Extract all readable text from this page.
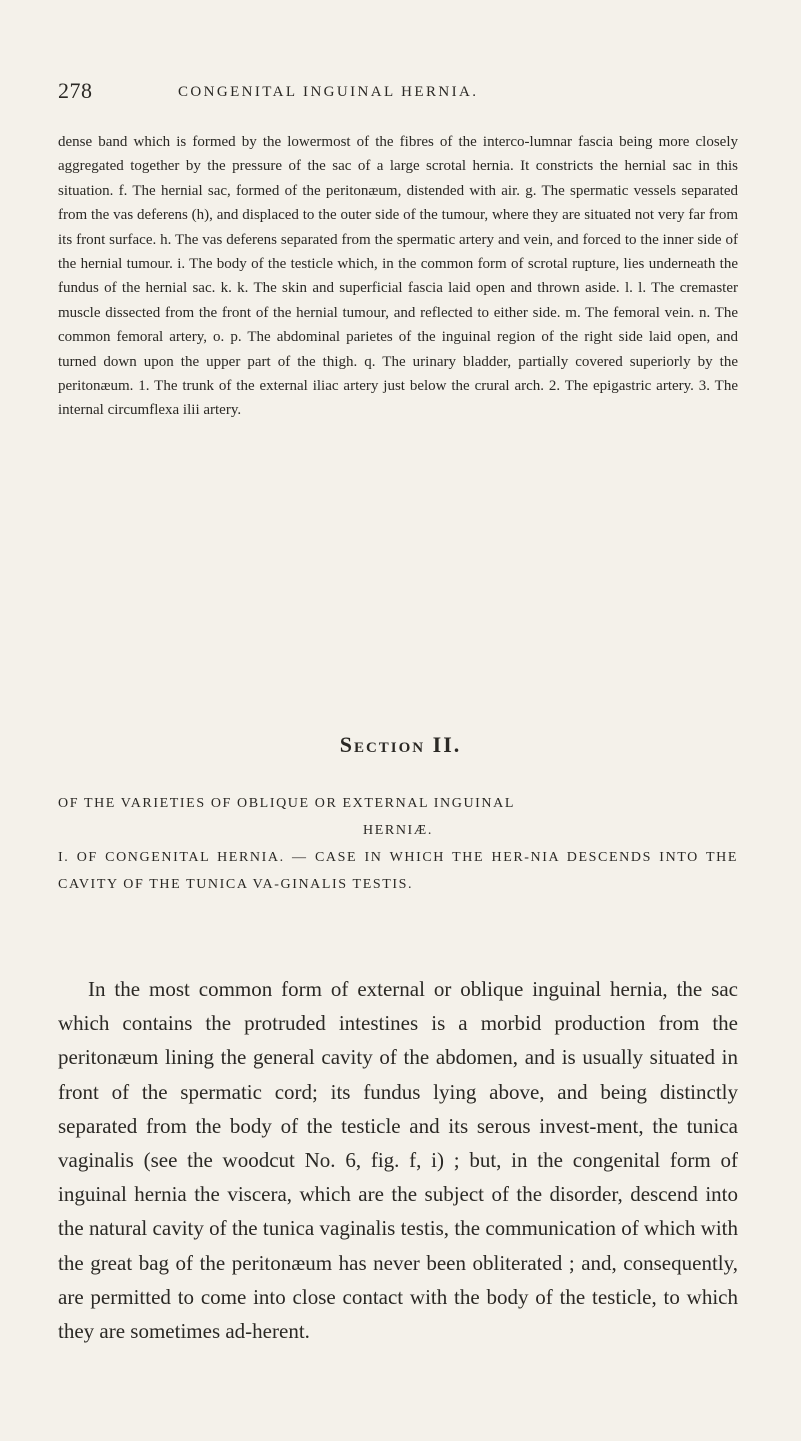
278	CONGENITAL INGUINAL HERNIA.

dense band which is formed by the lowermost of the fibres of the interco-lumnar fascia being more closely aggregated together by the pressure of the sac of a large scrotal hernia. It constricts the hernial sac in this situation. f. The hernial sac, formed of the peritonæum, distended with air. g. The spermatic vessels separated from the vas deferens (h), and displaced to the outer side of the tumour, where they are situated not very far from its front surface. h. The vas deferens separated from the spermatic artery and vein, and forced to the inner side of the hernial tumour. i. The body of the testicle which, in the common form of scrotal rupture, lies underneath the fundus of the hernial sac. k. k. The skin and superficial fascia laid open and thrown aside. l. l. The cremaster muscle dissected from the front of the hernial tumour, and reflected to either side. m. The femoral vein. n. The common femoral artery, o. p. The abdominal parietes of the inguinal region of the right side laid open, and turned down upon the upper part of the thigh. q. The urinary bladder, partially covered superiorly by the peritonæum. 1. The trunk of the external iliac artery just below the crural arch. 2. The epigastric artery. 3. The internal circumflexa ilii artery.

Section II.

OF THE VARIETIES OF OBLIQUE OR EXTERNAL INGUINAL
HERNIÆ.
I. OF CONGENITAL HERNIA. — CASE IN WHICH THE HER-NIA DESCENDS INTO THE CAVITY OF THE TUNICA VA-GINALIS TESTIS.

In the most common form of external or oblique inguinal hernia, the sac which contains the protruded intestines is a morbid production from the peritonæum lining the general cavity of the abdomen, and is usually situated in front of the spermatic cord; its fundus lying above, and being distinctly separated from the body of the testicle and its serous invest-ment, the tunica vaginalis (see the woodcut No. 6, fig. f, i) ; but, in the congenital form of inguinal hernia the viscera, which are the subject of the disorder, descend into the natural cavity of the tunica vaginalis testis, the communication of which with the great bag of the peritonæum has never been obliterated ; and, consequently, are permitted to come into close contact with the body of the testicle, to which they are sometimes ad-herent.
